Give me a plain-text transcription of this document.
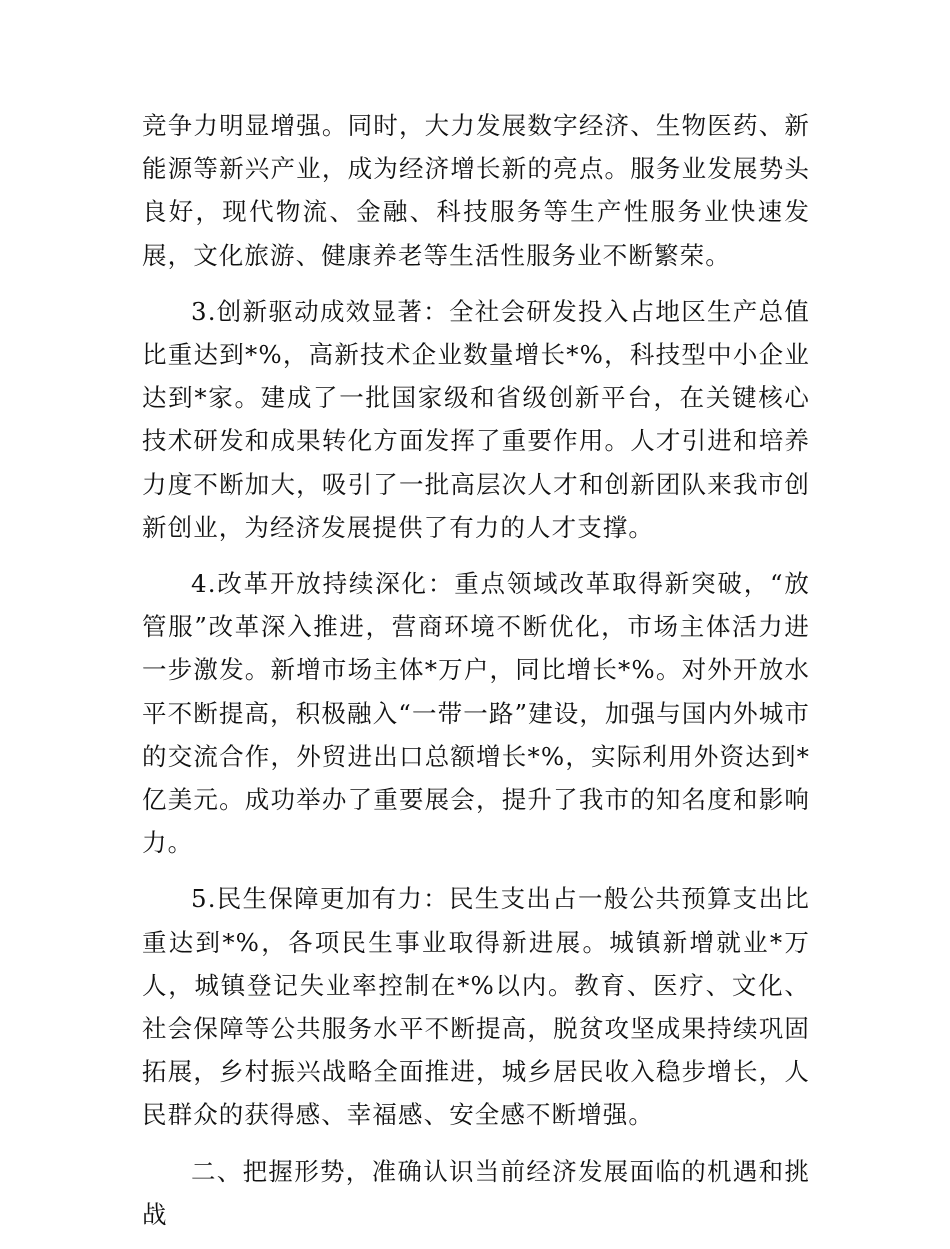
竞争力明显增强。同时，大力发展数字经济、生物医药、新能源等新兴产业，成为经济增长新的亮点。服务业发展势头良好，现代物流、金融、科技服务等生产性服务业快速发展，文化旅游、健康养老等生活性服务业不断繁荣。

3.创新驱动成效显著：全社会研发投入占地区生产总值比重达到*%，高新技术企业数量增长*%，科技型中小企业达到*家。建成了一批国家级和省级创新平台，在关键核心技术研发和成果转化方面发挥了重要作用。人才引进和培养力度不断加大，吸引了一批高层次人才和创新团队来我市创新创业，为经济发展提供了有力的人才支撑。

4.改革开放持续深化：重点领域改革取得新突破，“放管服”改革深入推进，营商环境不断优化，市场主体活力进一步激发。新增市场主体*万户，同比增长*%。对外开放水平不断提高，积极融入“一带一路”建设，加强与国内外城市的交流合作，外贸进出口总额增长*%，实际利用外资达到*亿美元。成功举办了重要展会，提升了我市的知名度和影响力。

5.民生保障更加有力：民生支出占一般公共预算支出比重达到*%，各项民生事业取得新进展。城镇新增就业*万人，城镇登记失业率控制在*%以内。教育、医疗、文化、社会保障等公共服务水平不断提高，脱贫攻坚成果持续巩固拓展，乡村振兴战略全面推进，城乡居民收入稳步增长，人民群众的获得感、幸福感、安全感不断增强。

二、把握形势，准确认识当前经济发展面临的机遇和挑战
